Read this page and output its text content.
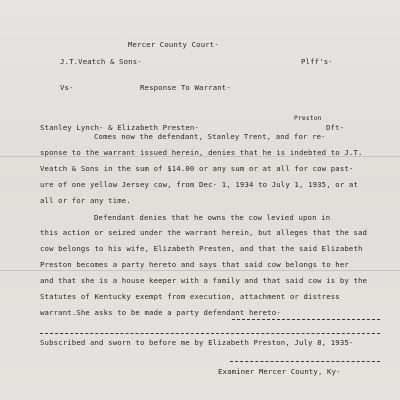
Mercer County Court-
J.T.Veatch & Sons-	Plff's-
Vs-	Response To Warrant-
Preston
Stanley Lynch- & Elizabeth Presten-	Dft-
Comes now the defendant, Stanley Trent, and for re-
sponse to the warrant issued herein, denies that he is indebted to J.T.
Veatch & Sons in the sum of $14.00 or any sum or at all for cow past-
ure of one yellow Jersey cow, from Dec- 1, 1934 to July 1, 1935, or at
all or for any time.
Defendant denies that he owns the cow levied upon in
this action or seized under the warrant herein, but alleges that the sad
cow belongs to his wife, Elizabeth Presten, and that the said Elizabeth
Preston becomes a party hereto and says that said cow belongs to her
and that she is a house keeper with a family and that said cow is by the
Statutes of Kentucky exempt from execution, attachment or distress
warrant.She asks to be made a party defendant hereto-
Subscribed and sworn to before me by Elizabeth Preston, July 8, 1935-
Examiner Mercer County, Ky-
